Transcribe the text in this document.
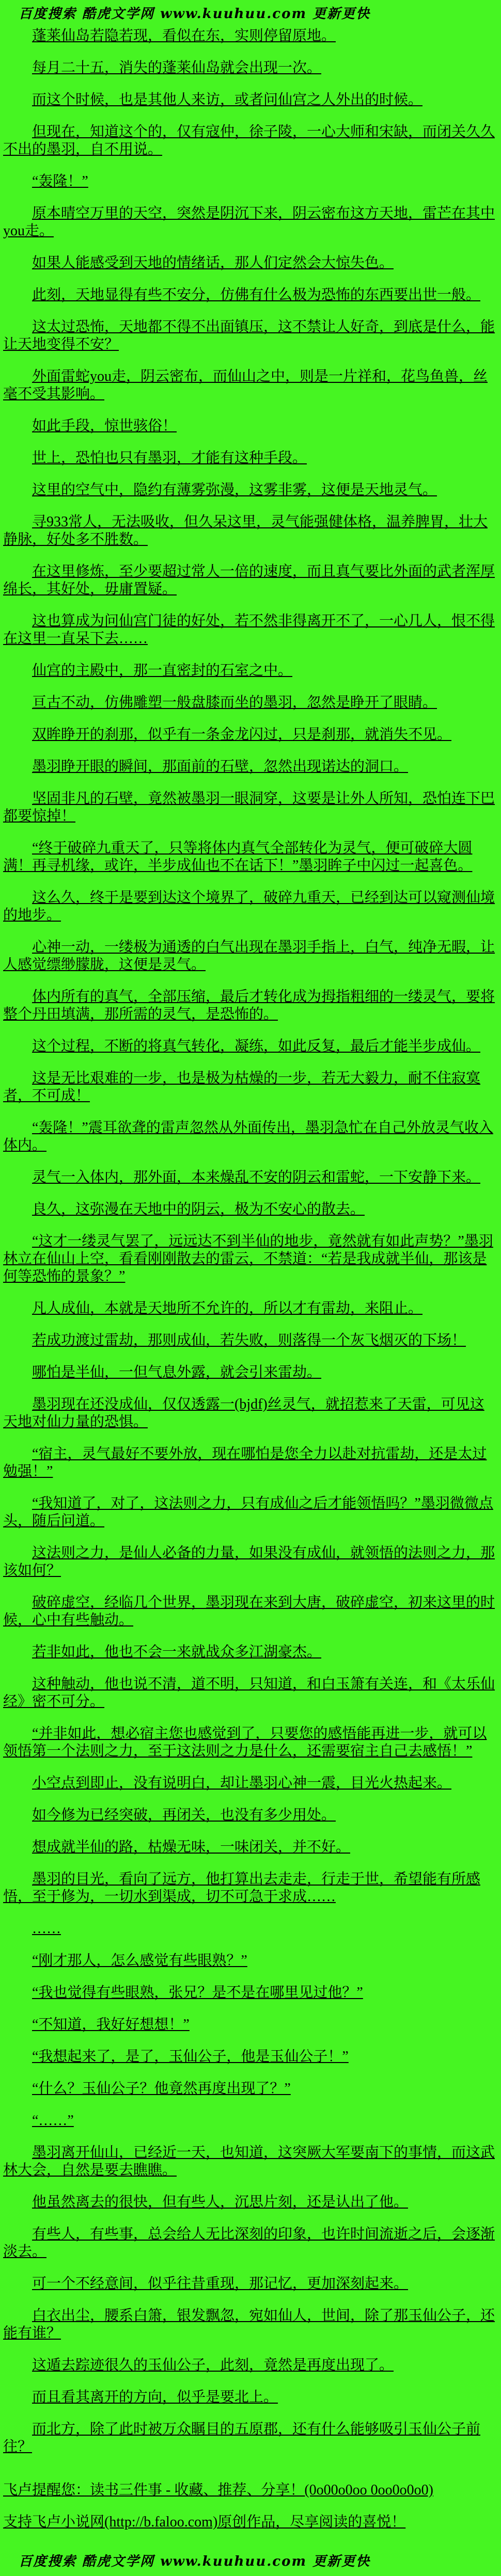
百度搜索 酷虎文学网 www.kuuhuu.com 更新更快

蓬莱仙岛若隐若现，看似在东，实则停留原地。

每月二十五，消失的蓬莱仙岛就会出现一次。

而这个时候，也是其他人来访，或者问仙宫之人外出的时候。

但现在，知道这个的，仅有寇仲，徐子陵，一心大师和宋缺，而闭关久久不出的墨羽，自不用说。

“轰隆！”

原本晴空万里的天空，突然是阴沉下来，阴云密布这方天地，雷芒在其中you走。

如果人能感受到天地的情绪话，那人们定然会大惊失色。

此刻，天地显得有些不安分，仿佛有什么极为恐怖的东西要出世一般。

这太过恐怖，天地都不得不出面镇压，这不禁让人好奇，到底是什么，能让天地变得不安？

外面雷蛇you走，阴云密布，而仙山之中，则是一片祥和，花鸟鱼兽，丝毫不受其影响。

如此手段，惊世骇俗！

世上，恐怕也只有墨羽，才能有这种手段。

这里的空气中，隐约有薄雾弥漫，这雾非雾，这便是天地灵气。

寻933常人，无法吸收，但久呆这里，灵气能强健体格，温养脾胃，壮大静脉，好处多不胜数。

在这里修炼，至少要超过常人一倍的速度，而且真气要比外面的武者浑厚绵长，其好处，毋庸置疑。

这也算成为问仙宫门徒的好处，若不然非得离开不了，一心几人，恨不得在这里一直呆下去……

仙宫的主殿中，那一直密封的石室之中。

亘古不动，仿佛雕塑一般盘膝而坐的墨羽，忽然是睁开了眼睛。

双眸睁开的刹那，似乎有一条金龙闪过，只是刹那，就消失不见。

墨羽睁开眼的瞬间，那面前的石壁，忽然出现诺达的洞口。

坚固非凡的石壁，竟然被墨羽一眼洞穿，这要是让外人所知，恐怕连下巴都要惊掉！

“终于破碎九重天了，只等将体内真气全部转化为灵气，便可破碎大圆满！再寻机缘，或许，半步成仙也不在话下！”墨羽眸子中闪过一起喜色。

这么久，终于是要到达这个境界了，破碎九重天，已经到达可以窥测仙境的地步。

心神一动，一缕极为通透的白气出现在墨羽手指上，白气，纯净无暇，让人感觉缥缈朦胧，这便是灵气。

体内所有的真气，全部压缩，最后才转化成为拇指粗细的一缕灵气，要将整个丹田填满，那所需的灵气，是恐怖的。

这个过程，不断的将真气转化，凝练，如此反复，最后才能半步成仙。

这是无比艰难的一步，也是极为枯燥的一步，若无大毅力，耐不住寂寞者，不可成！

“轰隆！”震耳欲聋的雷声忽然从外面传出，墨羽急忙在自己外放灵气收入体内。

灵气一入体内，那外面，本来燥乱不安的阴云和雷蛇，一下安静下来。

良久，这弥漫在天地中的阴云，极为不安心的散去。

“这才一缕灵气罢了，远远达不到半仙的地步，竟然就有如此声势？”墨羽林立在仙山上空，看看刚刚散去的雷云，不禁道：“若是我成就半仙，那该是何等恐怖的景象？”

凡人成仙，本就是天地所不允许的，所以才有雷劫，来阻止。

若成功渡过雷劫，那则成仙，若失败，则落得一个灰飞烟灭的下场！

哪怕是半仙，一但气息外露，就会引来雷劫。

墨羽现在还没成仙，仅仅透露一(bjdf)丝灵气，就招惹来了天雷，可见这天地对仙力量的恐惧。

“宿主，灵气最好不要外放，现在哪怕是您全力以赴对抗雷劫，还是太过勉强！”

“我知道了，对了，这法则之力，只有成仙之后才能领悟吗？”墨羽微微点头，随后问道。

这法则之力，是仙人必备的力量，如果没有成仙，就领悟的法则之力，那该如何？

破碎虚空，经临几个世界，墨羽现在来到大唐，破碎虚空，初来这里的时候，心中有些触动。

若非如此，他也不会一来就战众多江湖豪杰。

这种触动，他也说不清，道不明，只知道，和白玉箫有关连，和《太乐仙经》密不可分。

“并非如此，想必宿主您也感觉到了，只要您的感悟能再进一步，就可以领悟第一个法则之力，至于这法则之力是什么，还需要宿主自己去感悟！”

小空点到即止，没有说明白，却让墨羽心神一震，目光火热起来。

如今修为已经突破，再闭关，也没有多少用处。

想成就半仙的路，枯燥无味，一味闭关，并不好。

墨羽的目光，看向了远方，他打算出去走走，行走于世，希望能有所感悟，至于修为，一切水到渠成，切不可急于求成……

……

“刚才那人，怎么感觉有些眼熟？”

“我也觉得有些眼熟，张兄？是不是在哪里见过他？”

“不知道，我好好想想！”

“我想起来了，是了，玉仙公子，他是玉仙公子！”

“什么？玉仙公子？他竟然再度出现了？”

“……”

墨羽离开仙山，已经近一天，也知道，这突厥大军要南下的事情，而这武林大会，自然是要去瞧瞧。

他虽然离去的很快，但有些人，沉思片刻，还是认出了他。

有些人，有些事，总会给人无比深刻的印象，也许时间流逝之后，会逐渐淡去。

可一个不经意间，似乎往昔重现，那记忆，更加深刻起来。

白衣出尘，腰系白箫，银发飘忽，宛如仙人，世间，除了那玉仙公子，还能有谁？

这遁去踪迹很久的玉仙公子，此刻，竟然是再度出现了。

而且看其离开的方向，似乎是要北上。

而北方，除了此时被万众瞩目的五原郡，还有什么能够吸引玉仙公子前往？

飞卢提醒您：读书三件事 - 收藏、推荐、分享！(0o00o0oo 0oo0o0o0)

支持飞卢小说网(http://b.faloo.com)原创作品，尽享阅读的喜悦！

百度搜索 酷虎文学网 www.kuuhuu.com 更新更快
